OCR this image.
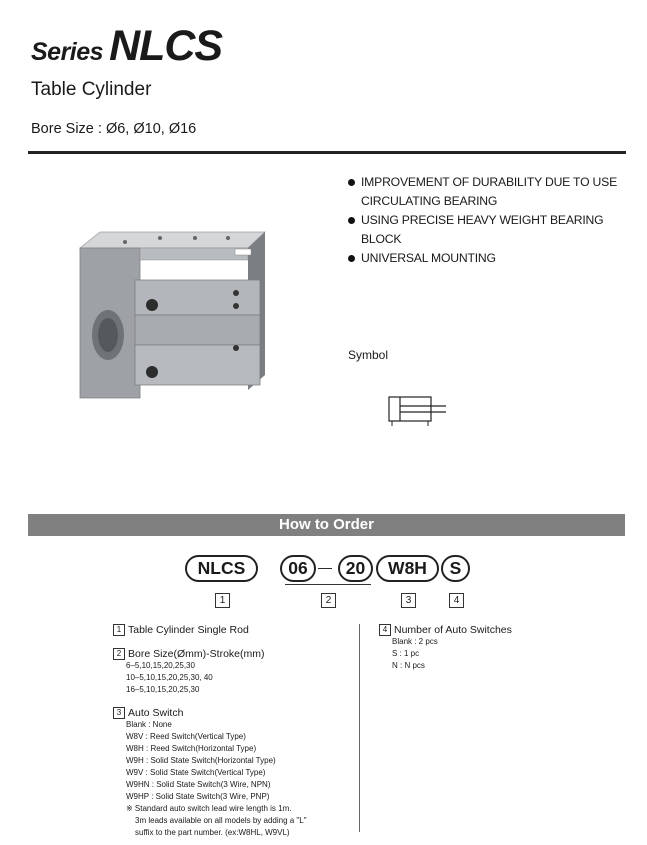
Series NLCS
Table Cylinder
Bore Size : Ø6, Ø10, Ø16
IMPROVEMENT OF DURABILITY DUE TO USE CIRCULATING BEARING
USING PRECISE HEAVY WEIGHT BEARING BLOCK
UNIVERSAL MOUNTING
Symbol
How to Order
NLCS	06 — 20	W8H	S
1	2	3	4
1 Table Cylinder Single Rod
2 Bore Size(Ømm)-Stroke(mm)
6–5,10,15,20,25,30
10–5,10,15,20,25,30, 40
16–5,10,15,20,25,30
3 Auto Switch
Blank : None
W8V : Reed Switch(Vertical Type)
W8H : Reed Switch(Horizontal Type)
W9H : Solid State Switch(Horizontal Type)
W9V : Solid State Switch(Vertical Type)
W9HN : Solid State Switch(3 Wire, NPN)
W9HP : Solid State Switch(3 Wire, PNP)
※ Standard auto switch lead wire length is 1m.
3m leads available on all models by adding a "L"
suffix to the part number. (ex:W8HL, W9VL)
4 Number of Auto Switches
Blank : 2 pcs
S : 1 pc
N : N pcs
